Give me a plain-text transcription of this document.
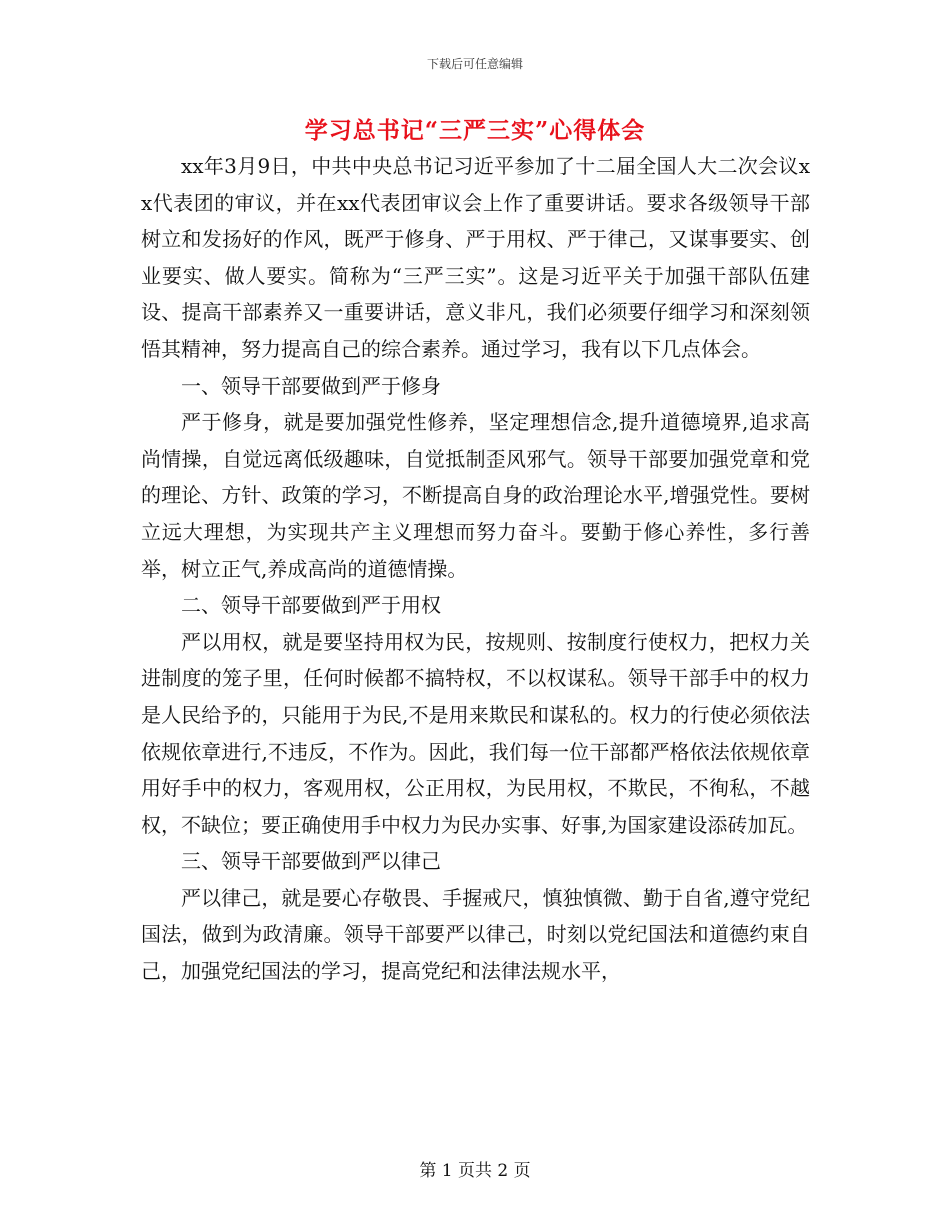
下载后可任意编辑
学习总书记“三严三实”心得体会

xx年3月9日，中共中央总书记习近平参加了十二届全国人大二次会议xx代表团的审议，并在xx代表团审议会上作了重要讲话。要求各级领导干部树立和发扬好的作风，既严于修身、严于用权、严于律己，又谋事要实、创业要实、做人要实。简称为“三严三实”。这是习近平关于加强干部队伍建设、提高干部素养又一重要讲话，意义非凡，我们必须要仔细学习和深刻领悟其精神，努力提高自己的综合素养。通过学习，我有以下几点体会。

一、领导干部要做到严于修身

严于修身，就是要加强党性修养，坚定理想信念,提升道德境界,追求高尚情操，自觉远离低级趣味，自觉抵制歪风邪气。领导干部要加强党章和党的理论、方针、政策的学习，不断提高自身的政治理论水平,增强党性。要树立远大理想，为实现共产主义理想而努力奋斗。要勤于修心养性，多行善举，树立正气,养成高尚的道德情操。

二、领导干部要做到严于用权

严以用权，就是要坚持用权为民，按规则、按制度行使权力，把权力关进制度的笼子里，任何时候都不搞特权，不以权谋私。领导干部手中的权力是人民给予的，只能用于为民,不是用来欺民和谋私的。权力的行使必须依法依规依章进行,不违反，不作为。因此，我们每一位干部都严格依法依规依章用好手中的权力，客观用权，公正用权，为民用权，不欺民，不徇私，不越权，不缺位；要正确使用手中权力为民办实事、好事,为国家建设添砖加瓦。

三、领导干部要做到严以律己

严以律己，就是要心存敬畏、手握戒尺，慎独慎微、勤于自省,遵守党纪国法，做到为政清廉。领导干部要严以律己，时刻以党纪国法和道德约束自己，加强党纪国法的学习，提高党纪和法律法规水平，

第 1 页共 2 页
